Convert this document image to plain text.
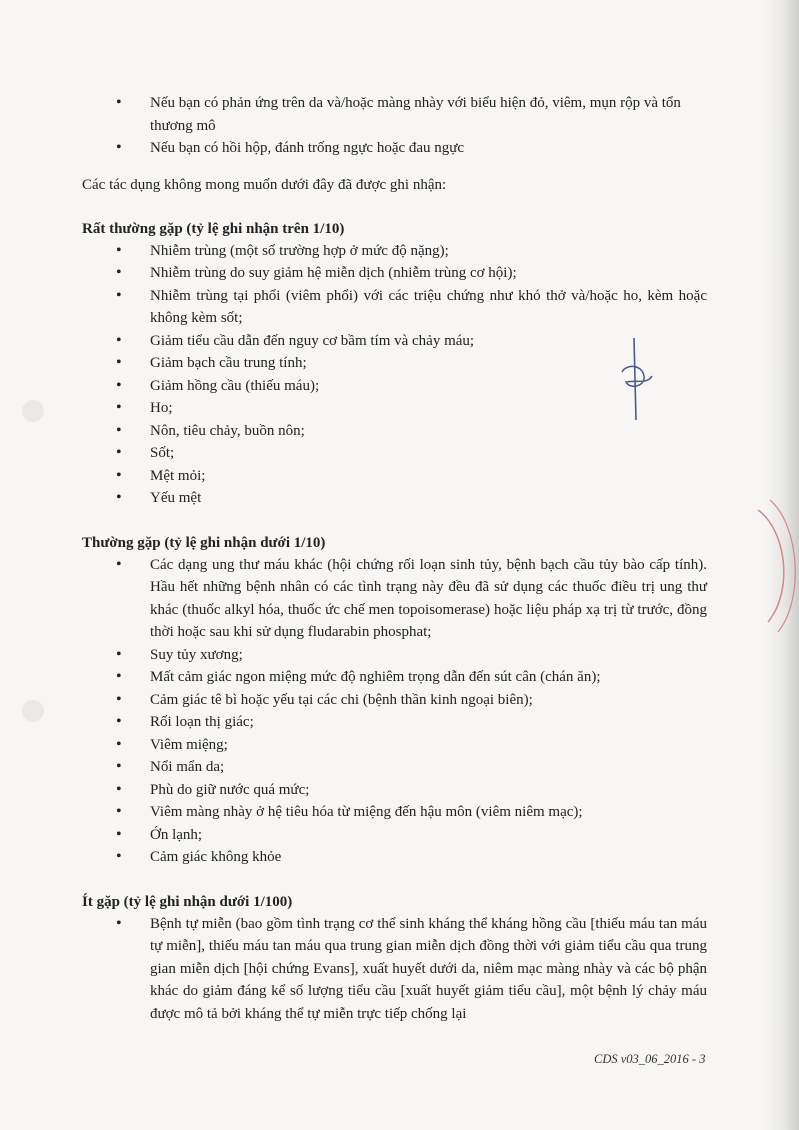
• Nếu bạn có phản ứng trên da và/hoặc màng nhày với biểu hiện đỏ, viêm, mụn rộp và tổn thương mô
• Nếu bạn có hồi hộp, đánh trống ngực hoặc đau ngực
Các tác dụng không mong muốn dưới đây đã được ghi nhận:
Rất thường gặp (tỷ lệ ghi nhận trên 1/10)
• Nhiễm trùng (một số trường hợp ở mức độ nặng);
• Nhiễm trùng do suy giảm hệ miễn dịch (nhiễm trùng cơ hội);
• Nhiễm trùng tại phổi (viêm phổi) với các triệu chứng như khó thở và/hoặc ho, kèm hoặc không kèm sốt;
• Giảm tiểu cầu dẫn đến nguy cơ bầm tím và chảy máu;
• Giảm bạch cầu trung tính;
• Giảm hồng cầu (thiếu máu);
• Ho;
• Nôn, tiêu chảy, buồn nôn;
• Sốt;
• Mệt mỏi;
• Yếu mệt
Thường gặp (tỷ lệ ghi nhận dưới 1/10)
• Các dạng ung thư máu khác (hội chứng rối loạn sinh tủy, bệnh bạch cầu tủy bào cấp tính). Hầu hết những bệnh nhân có các tình trạng này đều đã sử dụng các thuốc điều trị ung thư khác (thuốc alkyl hóa, thuốc ức chế men topoisomerase) hoặc liệu pháp xạ trị từ trước, đồng thời hoặc sau khi sử dụng fludarabin phosphat;
• Suy tủy xương;
• Mất cảm giác ngon miệng mức độ nghiêm trọng dẫn đến sút cân (chán ăn);
• Cảm giác tê bì hoặc yếu tại các chi (bệnh thần kinh ngoại biên);
• Rối loạn thị giác;
• Viêm miệng;
• Nổi mẩn da;
• Phù do giữ nước quá mức;
• Viêm màng nhày ở hệ tiêu hóa từ miệng đến hậu môn (viêm niêm mạc);
• Ớn lạnh;
• Cảm giác không khỏe
Ít gặp (tỷ lệ ghi nhận dưới 1/100)
• Bệnh tự miễn (bao gồm tình trạng cơ thể sinh kháng thể kháng hồng cầu [thiếu máu tan máu tự miễn], thiếu máu tan máu qua trung gian miễn dịch đồng thời với giảm tiểu cầu qua trung gian miễn dịch [hội chứng Evans], xuất huyết dưới da, niêm mạc màng nhày và các bộ phận khác do giảm đáng kể số lượng tiểu cầu [xuất huyết giảm tiểu cầu], một bệnh lý chảy máu được mô tả bởi kháng thể tự miễn trực tiếp chống lại
CDS v03_06_2016 - 3
